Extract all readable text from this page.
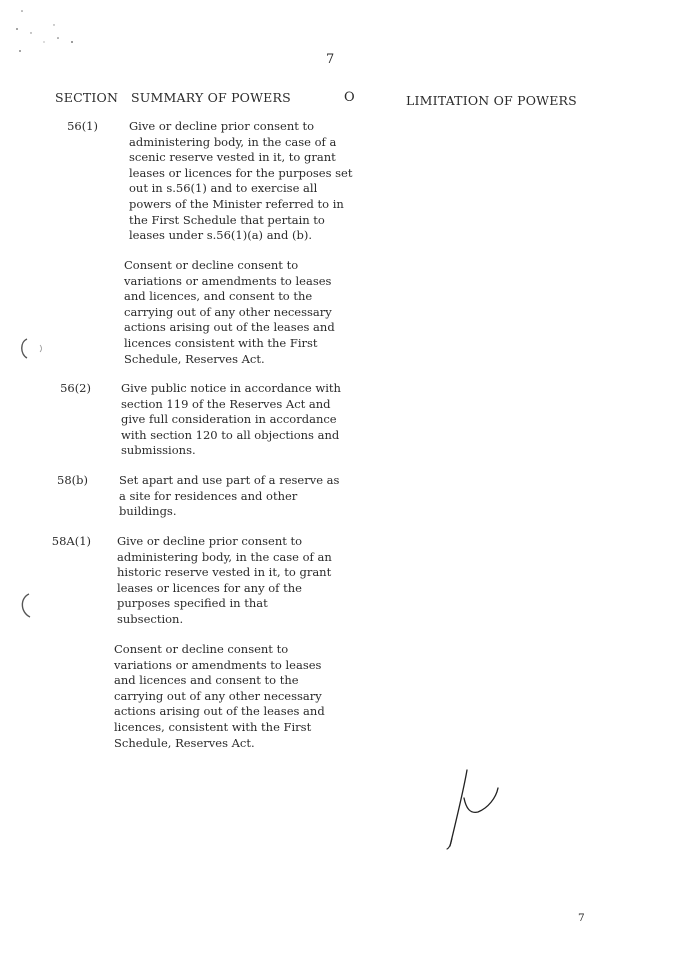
7
SECTION SUMMARY OF POWERS	O	LIMITATION OF POWERS
56(1)	Give or decline prior consent to
administering body, in the case of a
scenic reserve vested in it, to grant
leases or licences for the purposes set
out in s.56(1) and to exercise all
powers of the Minister referred to in
the First Schedule that pertain to
leases under s.56(1)(a) and (b).
Consent or decline consent to
variations or amendments to leases
and licences, and consent to the
carrying out of any other necessary
actions arising out of the leases and
licences consistent with the First
Schedule, Reserves Act.
56(2)	Give public notice in accordance with
section 119 of the Reserves Act and
give full consideration in accordance
with section 120 to all objections and
submissions.
58(b)	Set apart and use part of a reserve as
a site for residences and other
buildings.
58A(1) Give or decline prior consent to
administering body, in the case of an
historic reserve vested in it, to grant
leases or licences for any of the
purposes specified in that
subsection.
Consent or decline consent to
variations or amendments to leases
and licences and consent to the
carrying out of any other necessary
actions arising out of the leases and
licences, consistent with the First
Schedule, Reserves Act.
7
